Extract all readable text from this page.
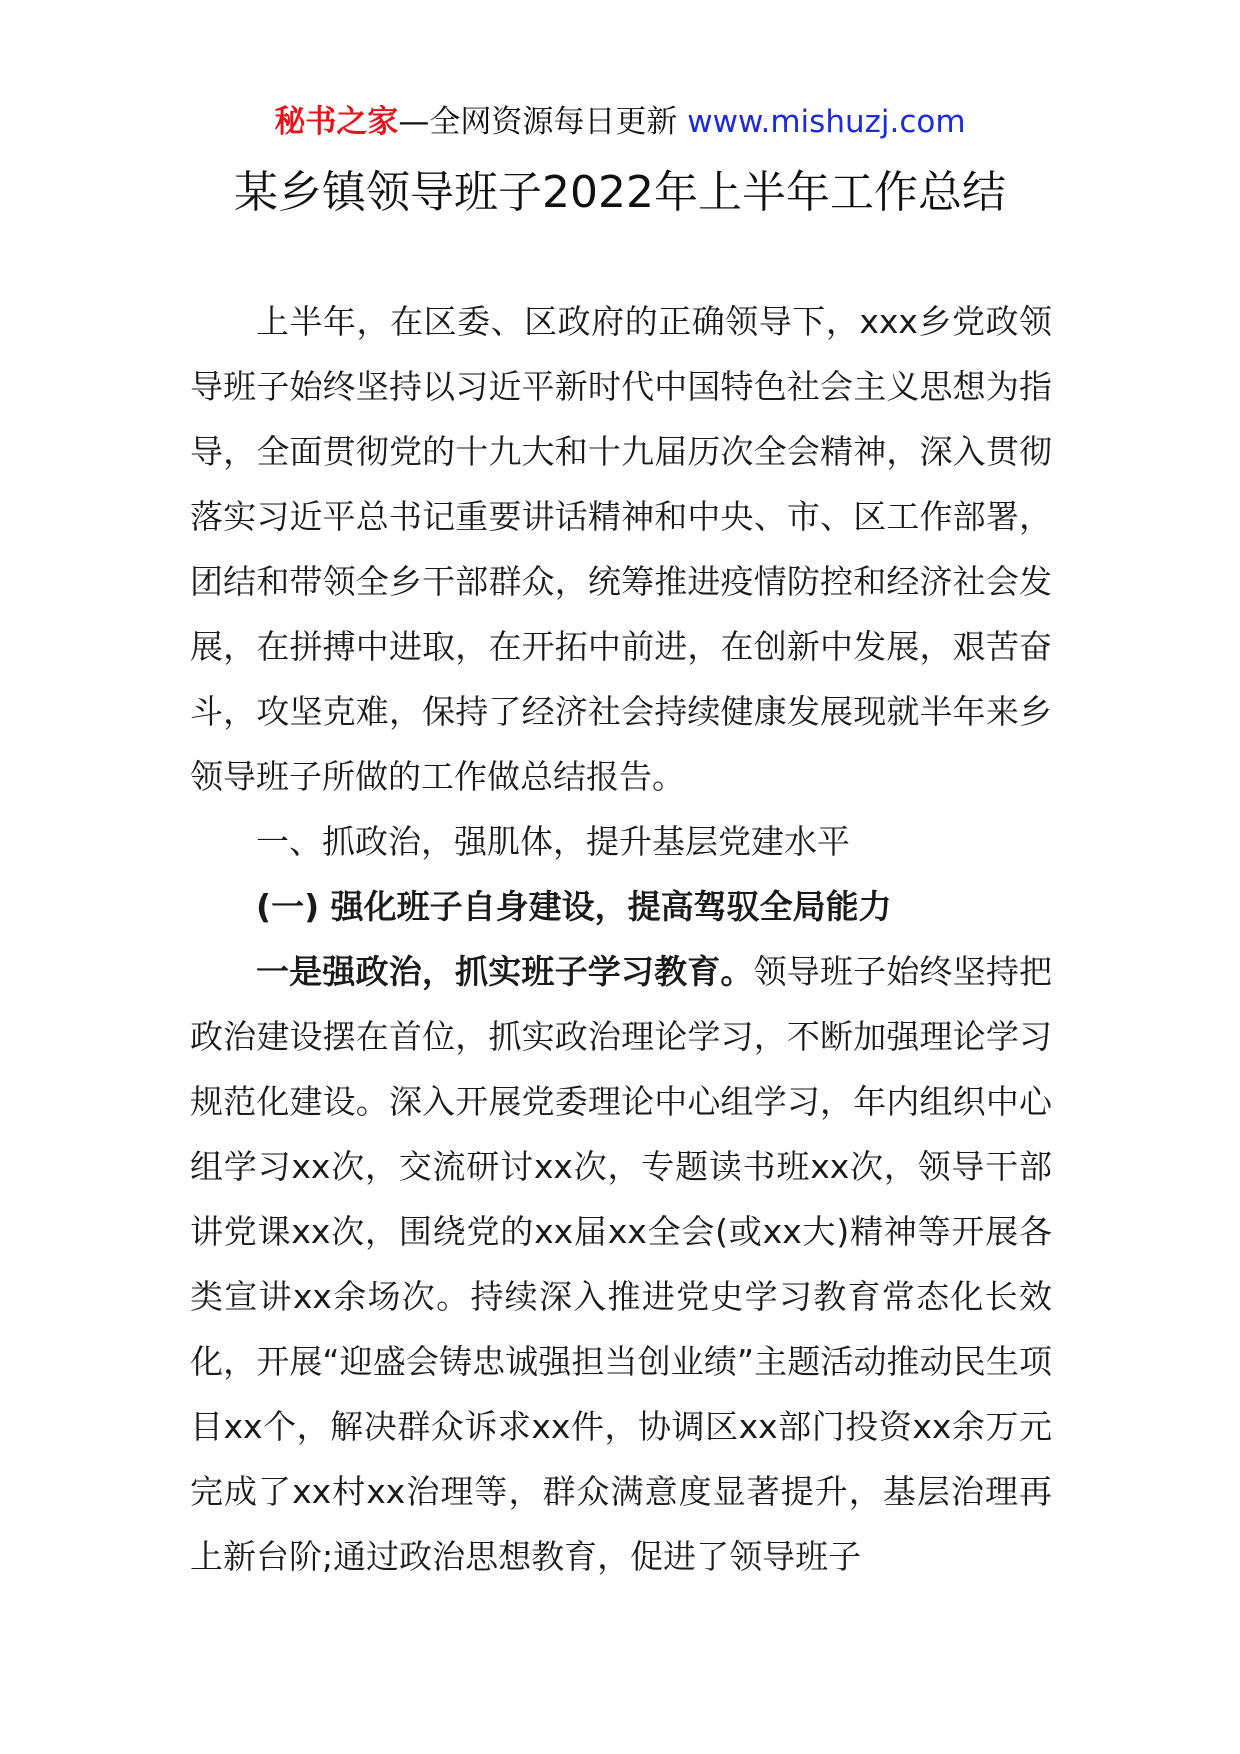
秘书之家—全网资源每日更新 www.mishuzj.com
某乡镇领导班子2022年上半年工作总结

上半年，在区委、区政府的正确领导下，xxx乡党政领导班子始终坚持以习近平新时代中国特色社会主义思想为指导，全面贯彻党的十九大和十九届历次全会精神，深入贯彻落实习近平总书记重要讲话精神和中央、市、区工作部署，团结和带领全乡干部群众，统筹推进疫情防控和经济社会发展，在拼搏中进取，在开拓中前进，在创新中发展，艰苦奋斗，攻坚克难，保持了经济社会持续健康发展现就半年来乡领导班子所做的工作做总结报告。

一、抓政治，强肌体，提升基层党建水平

(一) 强化班子自身建设，提高驾驭全局能力

一是强政治，抓实班子学习教育。领导班子始终坚持把政治建设摆在首位，抓实政治理论学习，不断加强理论学习规范化建设。深入开展党委理论中心组学习，年内组织中心组学习xx次，交流研讨xx次，专题读书班xx次，领导干部讲党课xx次，围绕党的xx届xx全会(或xx大)精神等开展各类宣讲xx余场次。持续深入推进党史学习教育常态化长效化，开展“迎盛会铸忠诚强担当创业绩”主题活动推动民生项目xx个，解决群众诉求xx件，协调区xx部门投资xx余万元完成了xx村xx治理等，群众满意度显著提升，基层治理再上新台阶;通过政治思想教育，促进了领导班子
